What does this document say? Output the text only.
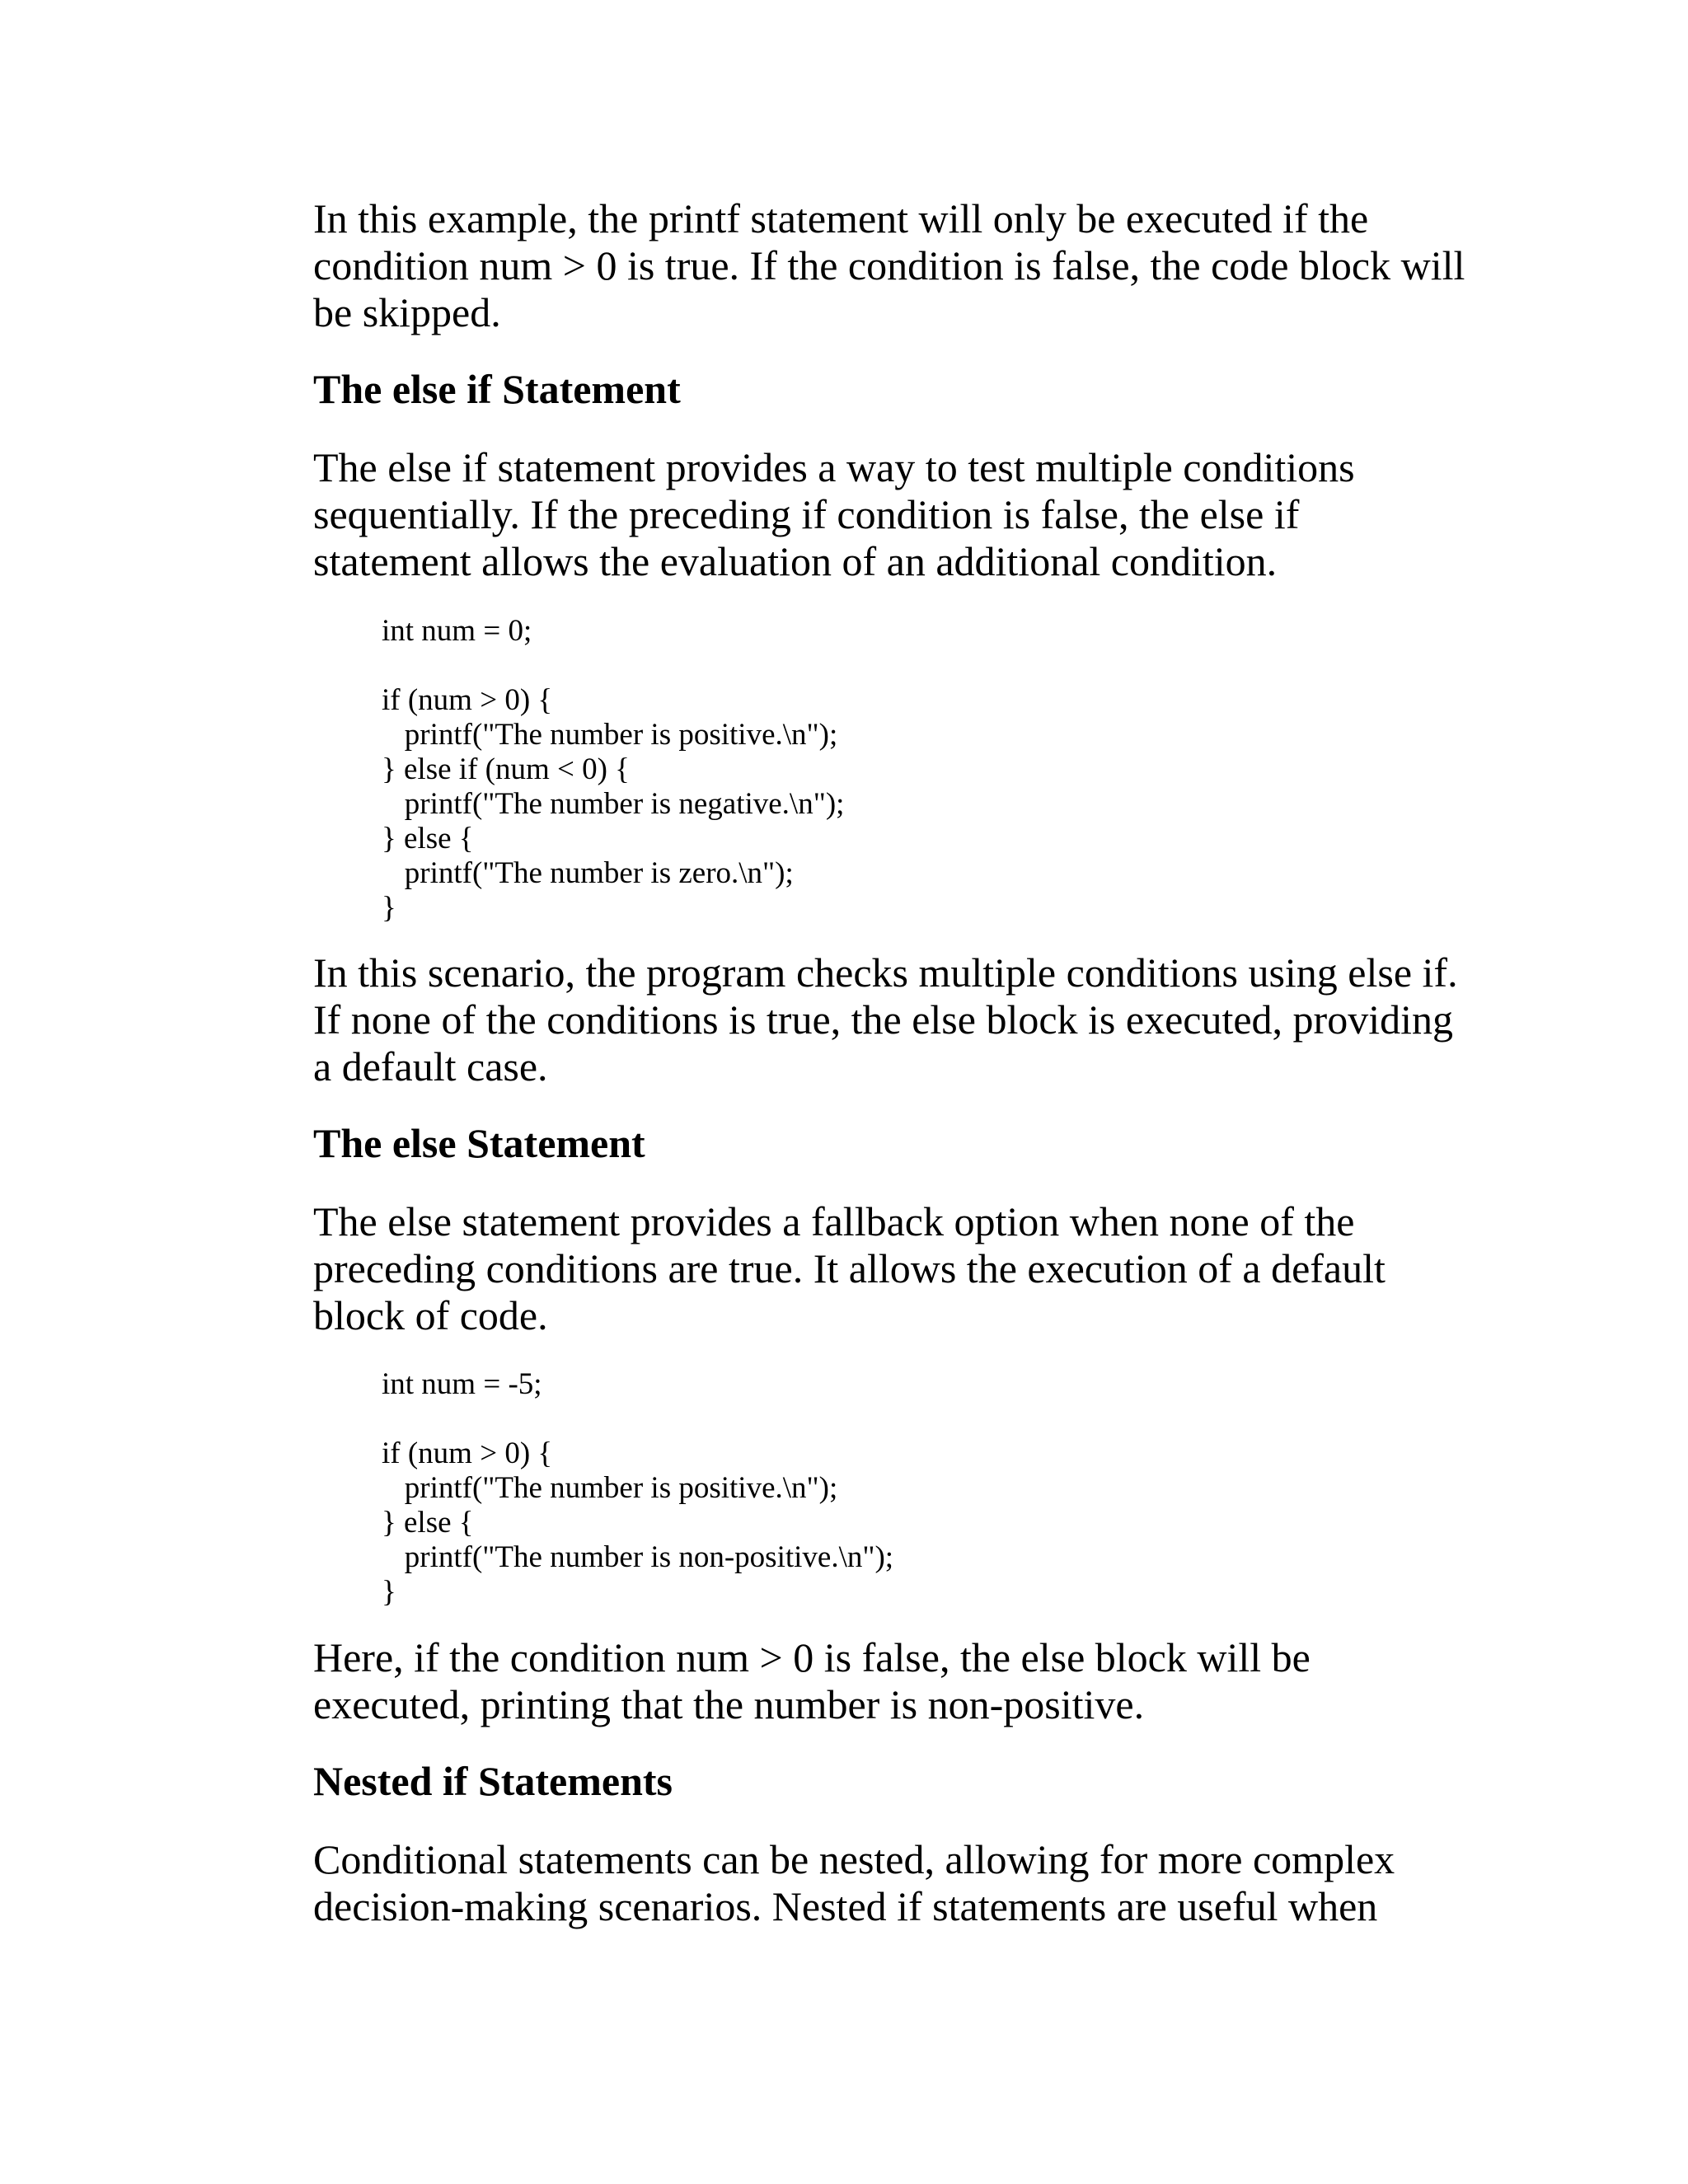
In this example, the printf statement will only be executed if the
condition num > 0 is true. If the condition is false, the code block will
be skipped.

The else if Statement

The else if statement provides a way to test multiple conditions
sequentially. If the preceding if condition is false, the else if
statement allows the evaluation of an additional condition.

int num = 0;
if (num > 0) {
printf("The number is positive.\n");
} else if (num < 0) {
printf("The number is negative.\n");
} else {
printf("The number is zero.\n");
}

In this scenario, the program checks multiple conditions using else if.
If none of the conditions is true, the else block is executed, providing
a default case.

The else Statement

The else statement provides a fallback option when none of the
preceding conditions are true. It allows the execution of a default
block of code.

int num = -5;
if (num > 0) {
printf("The number is positive.\n");
} else {
printf("The number is non-positive.\n");
}

Here, if the condition num > 0 is false, the else block will be
executed, printing that the number is non-positive.

Nested if Statements

Conditional statements can be nested, allowing for more complex
decision-making scenarios. Nested if statements are useful when
